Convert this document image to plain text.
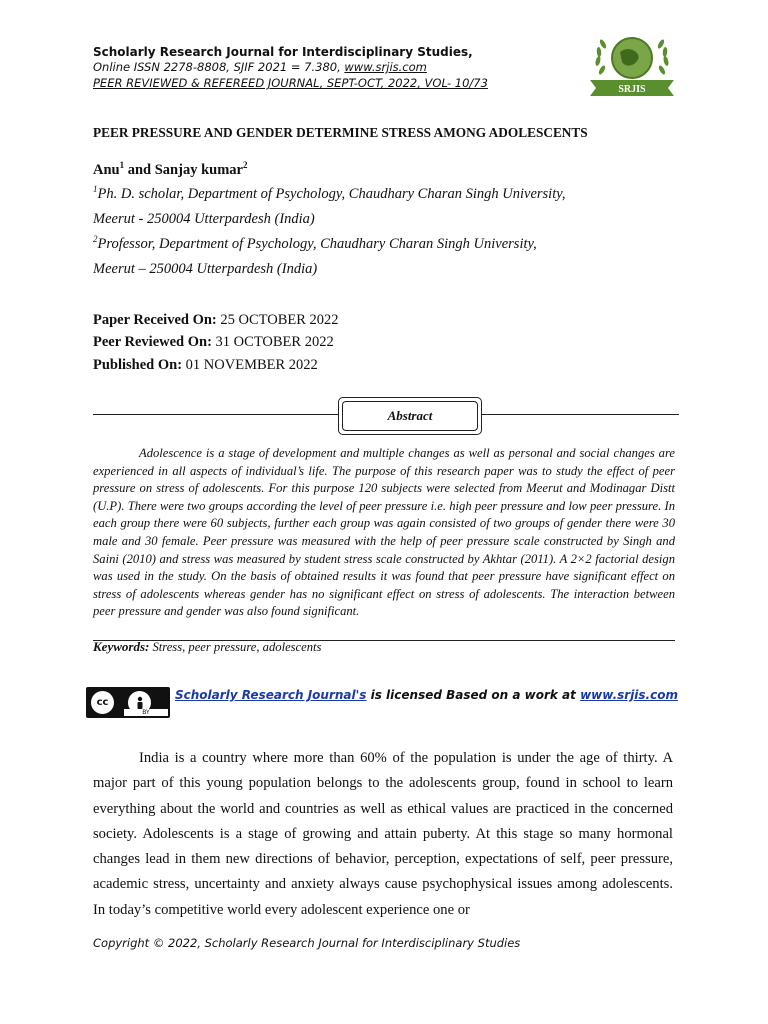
Scholarly Research Journal for Interdisciplinary Studies,
Online ISSN 2278-8808, SJIF 2021 = 7.380, www.srjis.com
PEER REVIEWED & REFEREED JOURNAL, SEPT-OCT, 2022, VOL- 10/73	SRJIS
PEER PRESSURE AND GENDER DETERMINE STRESS AMONG ADOLESCENTS
Anu$^1$ and Sanjay kumar$^2$
$^1$Ph. D. scholar, Department of Psychology, Chaudhary Charan Singh University,
Meerut - 250004 Utterpardesh (India)
$^2$Professor, Department of Psychology, Chaudhary Charan Singh University,
Meerut – 250004 Utterpardesh (India)
Paper Received On: 25 OCTOBER 2022
Peer Reviewed On: 31 OCTOBER 2022
Published On: 01 NOVEMBER 2022
Abstract
Adolescence is a stage of development and multiple changes as well as personal and social changes are experienced in all aspects of individual’s life. The purpose of this research paper was to study the effect of peer pressure on stress of adolescents. For this purpose 120 subjects were selected from Meerut and Modinagar Distt (U.P). There were two groups according the level of peer pressure i.e. high peer pressure and low peer pressure. In each group there were 60 subjects, further each group was again consisted of two groups of gender there were 30 male and 30 female. Peer pressure was measured with the help of peer pressure scale constructed by Singh and Saini (2010) and stress was measured by student stress scale constructed by Akhtar (2011). A 2×2 factorial design was used in the study. On the basis of obtained results it was found that peer pressure have significant effect on stress of adolescents whereas gender has no significant effect on stress of adolescents. The interaction between peer pressure and gender was also found significant.
Keywords: Stress, peer pressure, adolescents
cc
BY
Scholarly Research Journal's is licensed Based on a work at www.srjis.com
India is a country where more than 60% of the population is under the age of thirty. A major part of this young population belongs to the adolescents group, found in school to learn everything about the world and countries as well as ethical values are practiced in the concerned society. Adolescents is a stage of growing and attain puberty. At this stage so many hormonal changes lead in them new directions of behavior, perception, expectations of self, peer pressure, academic stress, uncertainty and anxiety always cause psychophysical issues among adolescents. In today’s competitive world every adolescent experience one or
Copyright © 2022, Scholarly Research Journal for Interdisciplinary Studies
